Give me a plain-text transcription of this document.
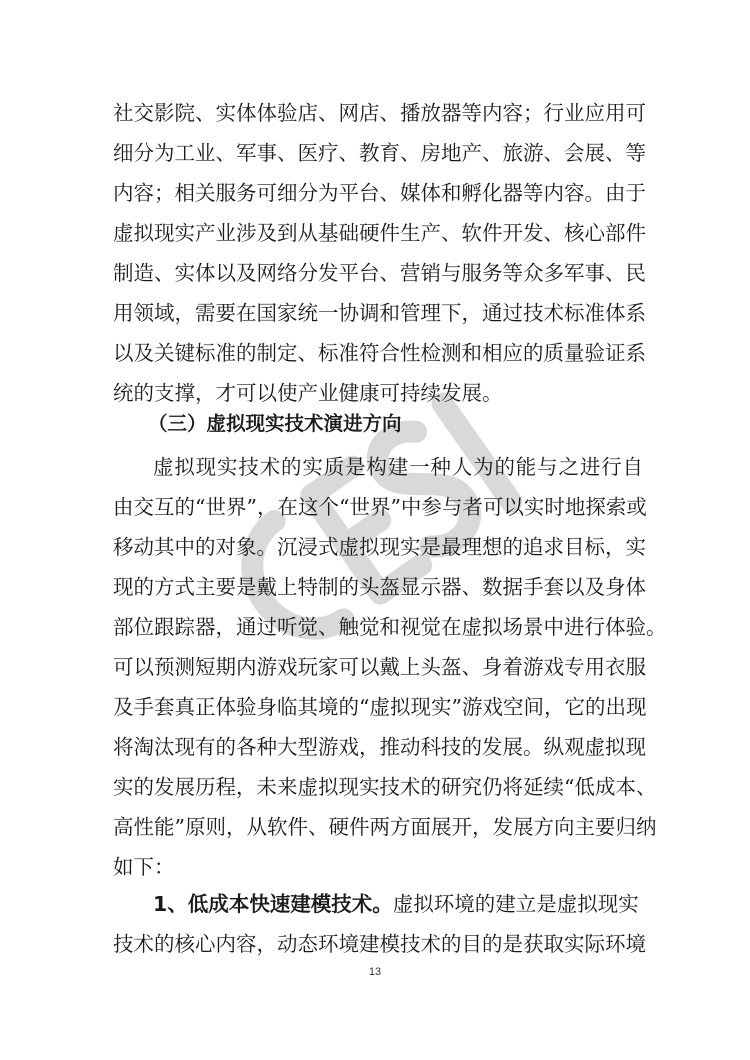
社交影院、实体体验店、网店、播放器等内容；行业应用可
细分为工业、军事、医疗、教育、房地产、旅游、会展、等
内容；相关服务可细分为平台、媒体和孵化器等内容。由于
虚拟现实产业涉及到从基础硬件生产、软件开发、核心部件
制造、实体以及网络分发平台、营销与服务等众多军事、民
用领域，需要在国家统一协调和管理下，通过技术标准体系
以及关键标准的制定、标准符合性检测和相应的质量验证系
统的支撑，才可以使产业健康可持续发展。
（三）虚拟现实技术演进方向
虚拟现实技术的实质是构建一种人为的能与之进行自
由交互的“世界”，在这个“世界”中参与者可以实时地探索或
移动其中的对象。沉浸式虚拟现实是最理想的追求目标，实
现的方式主要是戴上特制的头盔显示器、数据手套以及身体
部位跟踪器，通过听觉、触觉和视觉在虚拟场景中进行体验。
可以预测短期内游戏玩家可以戴上头盔、身着游戏专用衣服
及手套真正体验身临其境的“虚拟现实”游戏空间，它的出现
将淘汰现有的各种大型游戏，推动科技的发展。纵观虚拟现
实的发展历程，未来虚拟现实技术的研究仍将延续“低成本、
高性能”原则，从软件、硬件两方面展开，发展方向主要归纳
如下：
1、低成本快速建模技术。虚拟环境的建立是虚拟现实
技术的核心内容，动态环境建模技术的目的是获取实际环境
13
